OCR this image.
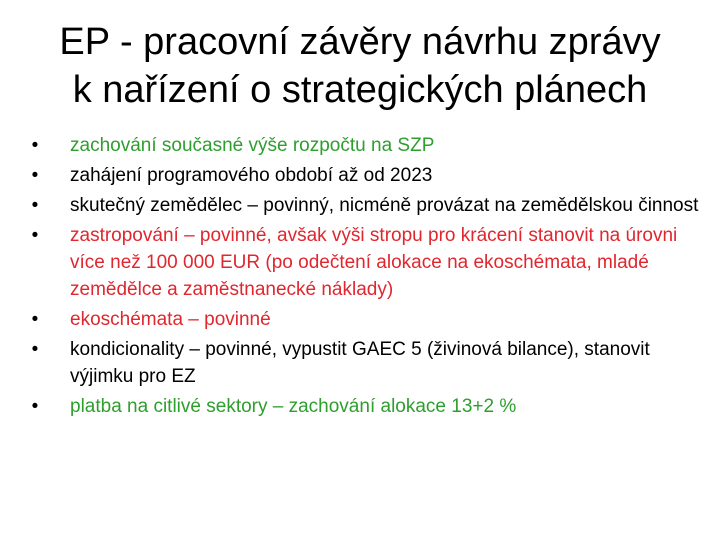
EP - pracovní závěry návrhu zprávy
k nařízení o strategických plánech
• zachování současné výše rozpočtu na SZP
• zahájení programového období až od 2023
• skutečný zemědělec – povinný, nicméně provázat na zemědělskou činnost
• zastropování – povinné, avšak výši stropu pro krácení stanovit na úrovni více než 100 000 EUR (po odečtení alokace na ekoschémata, mladé zemědělce a zaměstnanecké náklady)
• ekoschémata – povinné
• kondicionality – povinné, vypustit GAEC 5 (živinová bilance), stanovit výjimku pro EZ
• platba na citlivé sektory – zachování alokace 13+2 %
